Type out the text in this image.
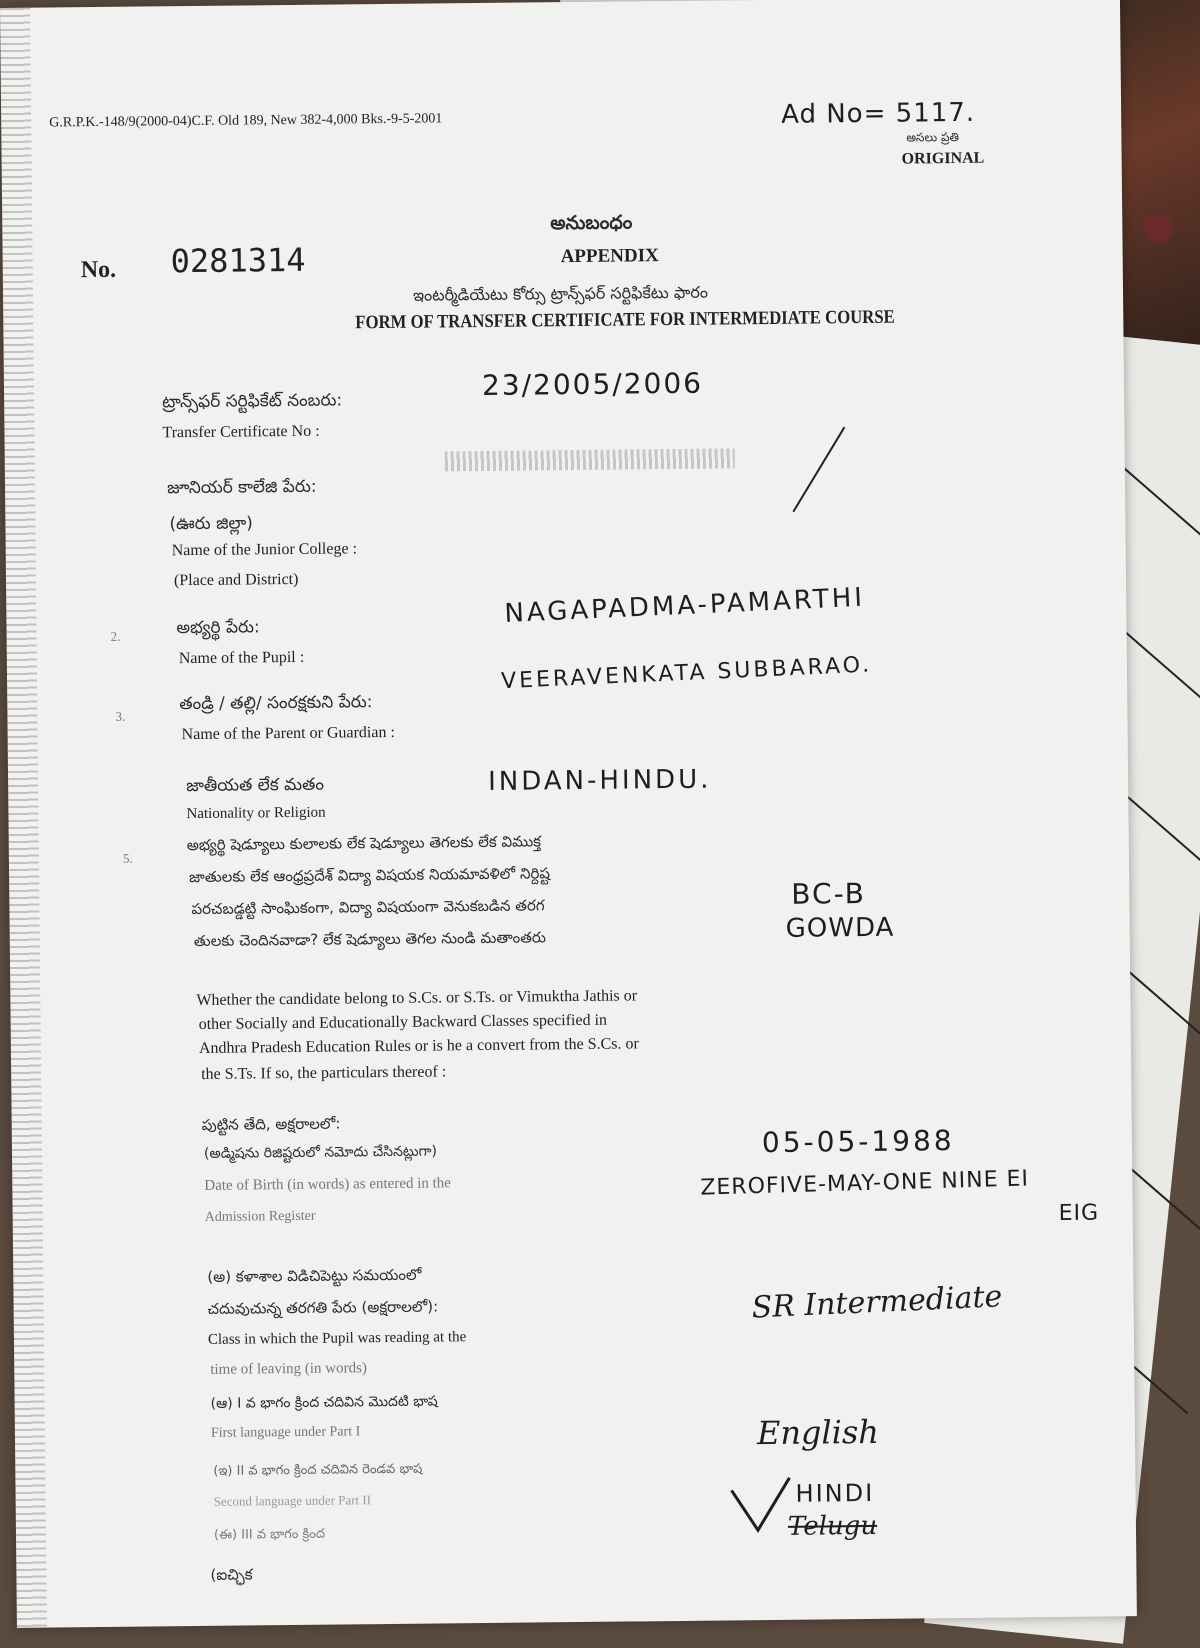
G.R.P.K.-148/9(2000-04)C.F. Old 189, New 382-4,000 Bks.-9-5-2001	Ad No= 5117.
అసలు ప్రతి
ORIGINAL
No. 0281314
అనుబంధం
APPENDIX
ఇంటర్మీడియేటు కోర్సు ట్రాన్స్‌ఫర్ సర్టిఫికేటు ఫారం
FORM OF TRANSFER CERTIFICATE FOR INTERMEDIATE COURSE
ట్రాన్స్‌ఫర్ సర్టిఫికేట్ నంబరు:
Transfer Certificate No :
23/2005/2006
జూనియర్ కాలేజి పేరు:
(ఊరు జిల్లా)
Name of the Junior College :
(Place and District)
2.	అభ్యర్థి పేరు:
Name of the Pupil :
NAGAPADMA-PAMARTHI
3.
తండ్రి / తల్లి/ సంరక్షకుని పేరు:
Name of the Parent or Guardian :
VEERAVENKATA SUBBARAO.
జాతీయత లేక మతం
Nationality or Religion
INDAN-HINDU.
5.
అభ్యర్థి షెడ్యూలు కులాలకు లేక షెడ్యూలు తెగలకు లేక విముక్త
జాతులకు లేక ఆంధ్రప్రదేశ్ విద్యా విషయక నియమావళిలో నిర్దిష్ట
పరచబడ్డట్టి సాంఘికంగా, విద్యా విషయంగా వెనుకబడిన తరగ
తులకు చెందినవాడా? లేక షెడ్యూలు తెగల నుండి మతాంతరు
Whether the candidate belong to S.Cs. or S.Ts. or Vimuktha Jathis or
other Socially and Educationally Backward Classes specified in
Andhra Pradesh Education Rules or is he a convert from the S.Cs. or
the S.Ts. If so, the particulars thereof :
BC-B
GOWDA
పుట్టిన తేది, అక్షరాలలో:
(అడ్మిషను రిజిష్టరులో నమోదు చేసినట్లుగా)
Date of Birth (in words) as entered in the
Admission Register
05-05-1988
ZEROFIVE-MAY-ONE NINE EI
EIG
(అ) కళాశాల విడిచిపెట్టు సమయంలో
చదువుచున్న తరగతి పేరు (అక్షరాలలో):
Class in which the Pupil was reading at the
time of leaving (in words)
SR Intermediate
(ఆ) I వ భాగం క్రింద చదివిన మొదటి భాష
First language under Part I	English
(ఇ) II వ భాగం క్రింద చదివిన రెండవ భాష
Second language under Part II	HINDI
Telugu
(ఈ) III వ భాగం క్రింద
(ఐచ్ఛిక
